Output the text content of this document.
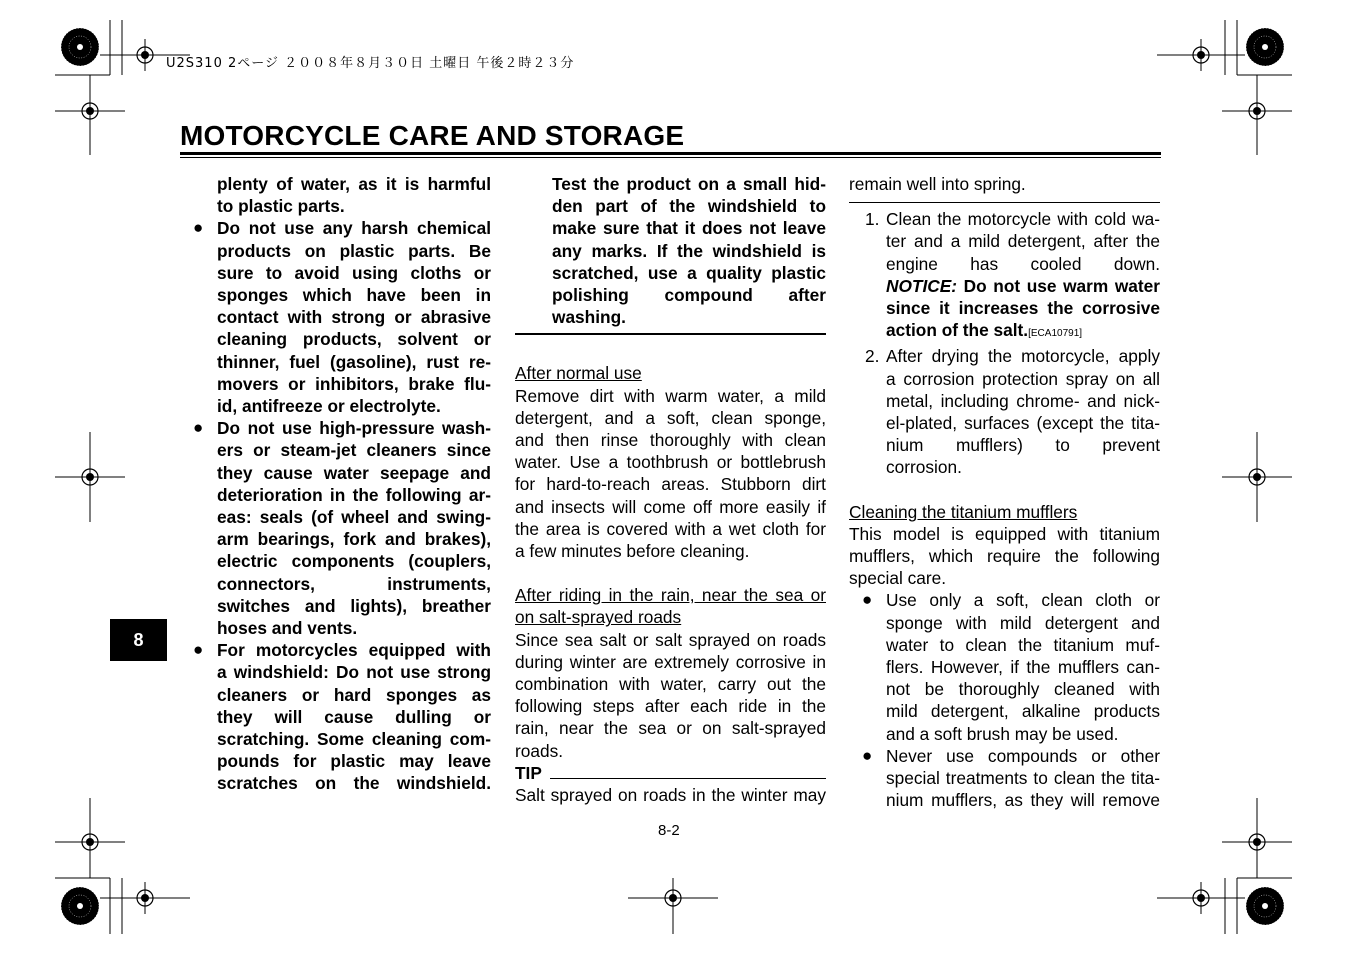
U2S310 2ページ ２００８年８月３０日 土曜日 午後２時２３分
MOTORCYCLE CARE AND STORAGE
8

plenty of water, as it is harmful

to plastic parts.

● Do not use any harsh chemical

products on plastic parts. Be

sure to avoid using cloths or

sponges which have been in

contact with strong or abrasive

cleaning products, solvent or

thinner, fuel (gasoline), rust re-

movers or inhibitors, brake flu-

id, antifreeze or electrolyte.

● Do not use high-pressure wash-

ers or steam-jet cleaners since

they cause water seepage and

deterioration in the following ar-

eas: seals (of wheel and swing-

arm bearings, fork and brakes),

electric components (couplers,

connectors, instruments,

switches and lights), breather

hoses and vents.

● For motorcycles equipped with

a windshield: Do not use strong

cleaners or hard sponges as

they will cause dulling or

scratching. Some cleaning com-

pounds for plastic may leave

scratches on the windshield.

Test the product on a small hid-

den part of the windshield to

make sure that it does not leave

any marks. If the windshield is

scratched, use a quality plastic

polishing compound after

washing.

After normal use

Remove dirt with warm water, a mild

detergent, and a soft, clean sponge,

and then rinse thoroughly with clean

water. Use a toothbrush or bottlebrush

for hard-to-reach areas. Stubborn dirt

and insects will come off more easily if

the area is covered with a wet cloth for

a few minutes before cleaning.

After riding in the rain, near the sea or

on salt-sprayed roads

Since sea salt or salt sprayed on roads

during winter are extremely corrosive in

combination with water, carry out the

following steps after each ride in the

rain, near the sea or on salt-sprayed

roads.

TIP

Salt sprayed on roads in the winter may

remain well into spring.

1. Clean the motorcycle with cold wa-

ter and a mild detergent, after the

engine has cooled down.

NOTICE: Do not use warm water

since it increases the corrosive

action of the salt.[ECA10791]

2. After drying the motorcycle, apply

a corrosion protection spray on all

metal, including chrome- and nick-

el-plated, surfaces (except the tita-

nium mufflers) to prevent

corrosion.

Cleaning the titanium mufflers

This model is equipped with titanium

mufflers, which require the following

special care.

● Use only a soft, clean cloth or

sponge with mild detergent and

water to clean the titanium muf-

flers. However, if the mufflers can-

not be thoroughly cleaned with

mild detergent, alkaline products

and a soft brush may be used.

● Never use compounds or other

special treatments to clean the tita-

nium mufflers, as they will remove

8-2
